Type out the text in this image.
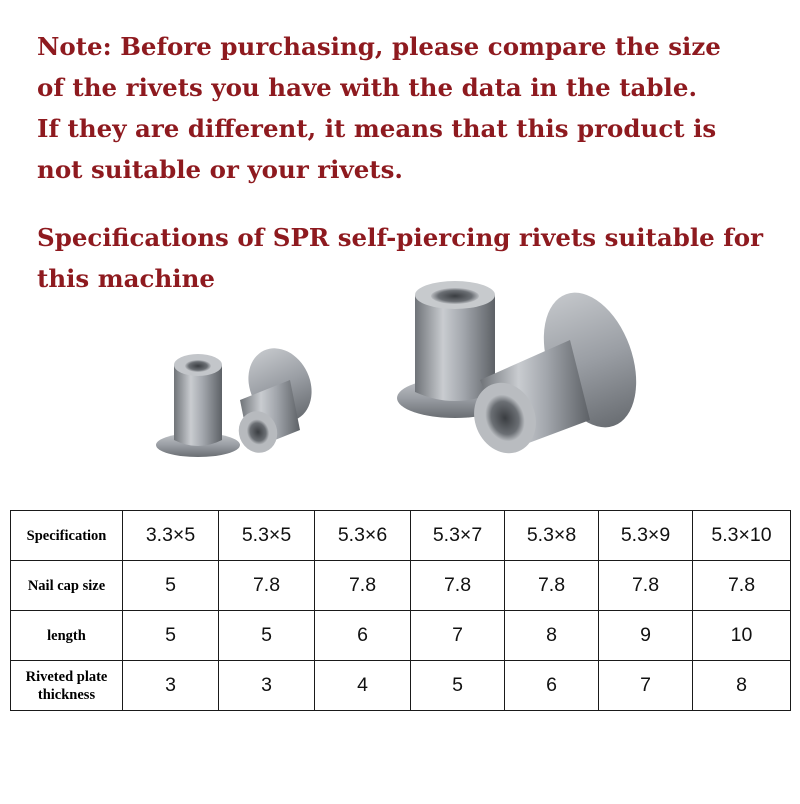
Note: Before purchasing, please compare the size
of the rivets you have with the data in the table.
If they are different, it means that this product is
not suitable or your rivets.
Specifications of SPR self-piercing rivets suitable for
this machine
Specification	3.3×5	5.3×5	5.3×6	5.3×7	5.3×8	5.3×9	5.3×10
Nail cap size	5	7.8	7.8	7.8	7.8	7.8	7.8
length	5	5	6	7	8	9	10
Riveted plate thickness	3	3	4	5	6	7	8
